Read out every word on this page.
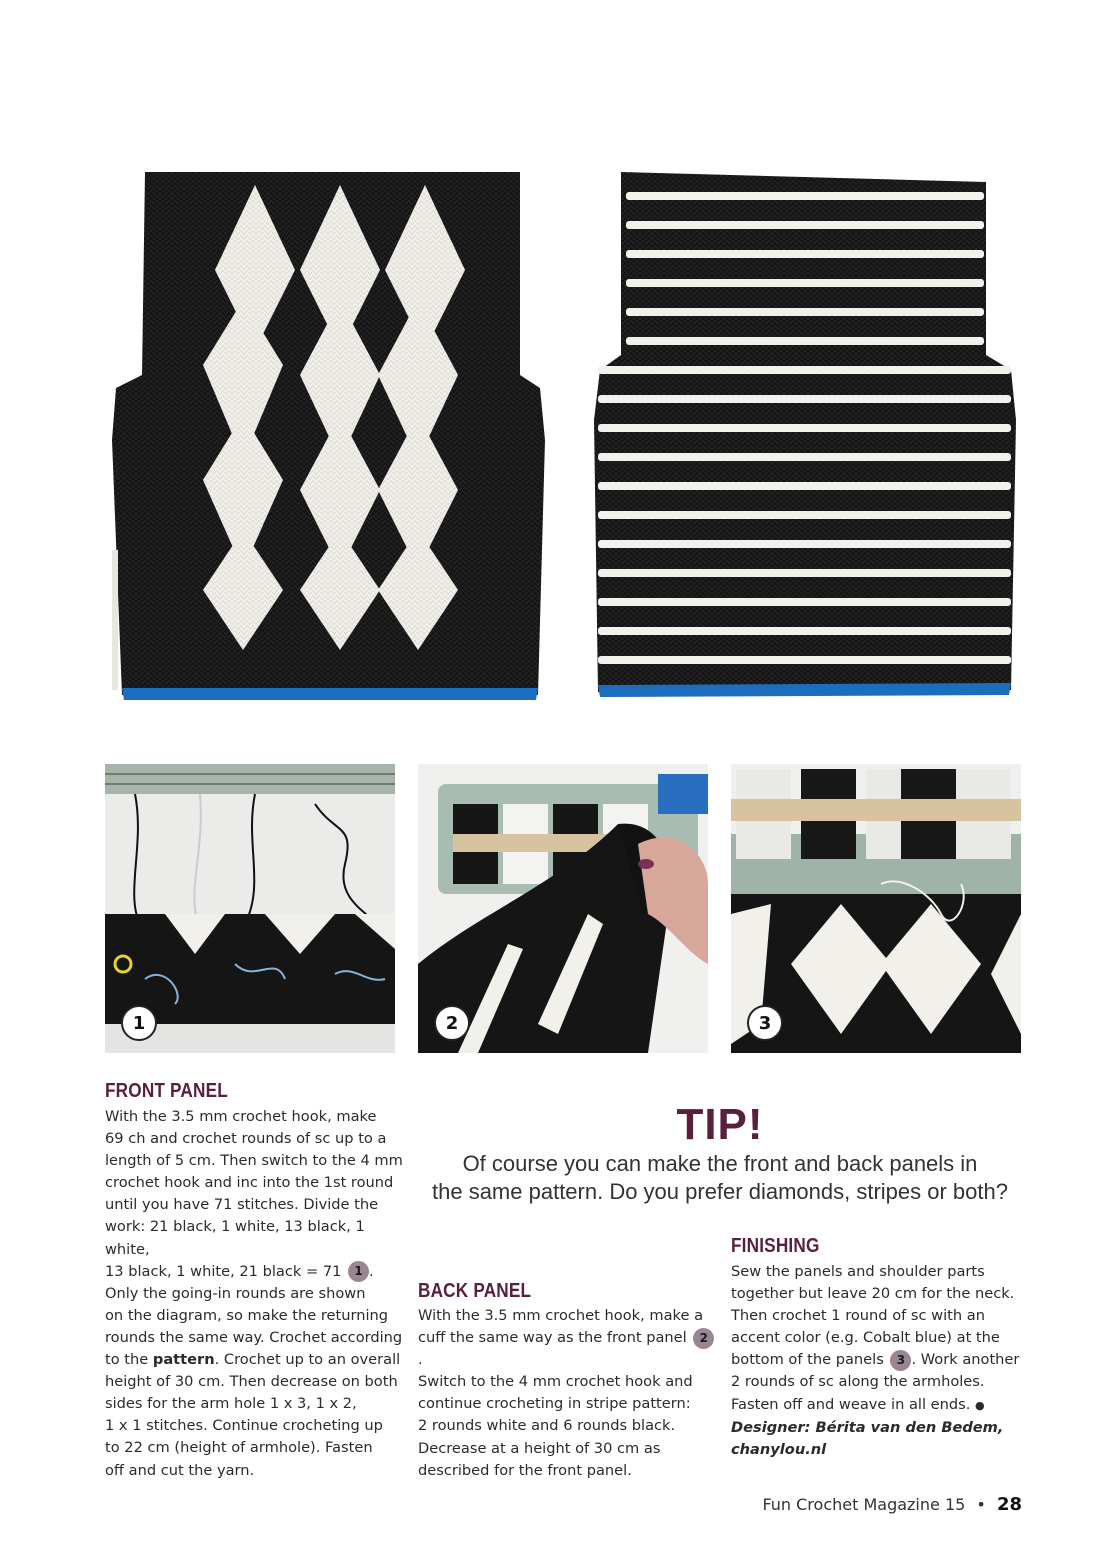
1	2	3
FRONT PANEL

With the 3.5 mm crochet hook, make

69 ch and crochet rounds of sc up to a

length of 5 cm. Then switch to the 4 mm

crochet hook and inc into the 1st round

until you have 71 stitches. Divide the

work: 21 black, 1 white, 13 black, 1 white,

13 black, 1 white, 21 black = 71 1 .

Only the going-in rounds are shown

on the diagram, so make the returning

rounds the same way. Crochet according

to the pattern. Crochet up to an overall

height of 30 cm. Then decrease on both

sides for the arm hole 1 x 3, 1 x 2,

1 x 1 stitches. Continue crocheting up

to 22 cm (height of armhole). Fasten

off and cut the yarn.

TIP!
Of course you can make the front and back panels in
the same pattern. Do you prefer diamonds, stripes or both?
BACK PANEL

With the 3.5 mm crochet hook, make a

cuff the same way as the front panel 2.

Switch to the 4 mm crochet hook and

continue crocheting in stripe pattern:

2 rounds white and 6 rounds black.

Decrease at a height of 30 cm as

described for the front panel.

FINISHING

Sew the panels and shoulder parts

together but leave 20 cm for the neck.

Then crochet 1 round of sc with an

accent color (e.g. Cobalt blue) at the

bottom of the panels 3 . Work another

2 rounds of sc along the armholes.

Fasten off and weave in all ends. ●

Designer: Bérita van den Bedem,

chanylou.nl

Fun Crochet Magazine 15 • 28
